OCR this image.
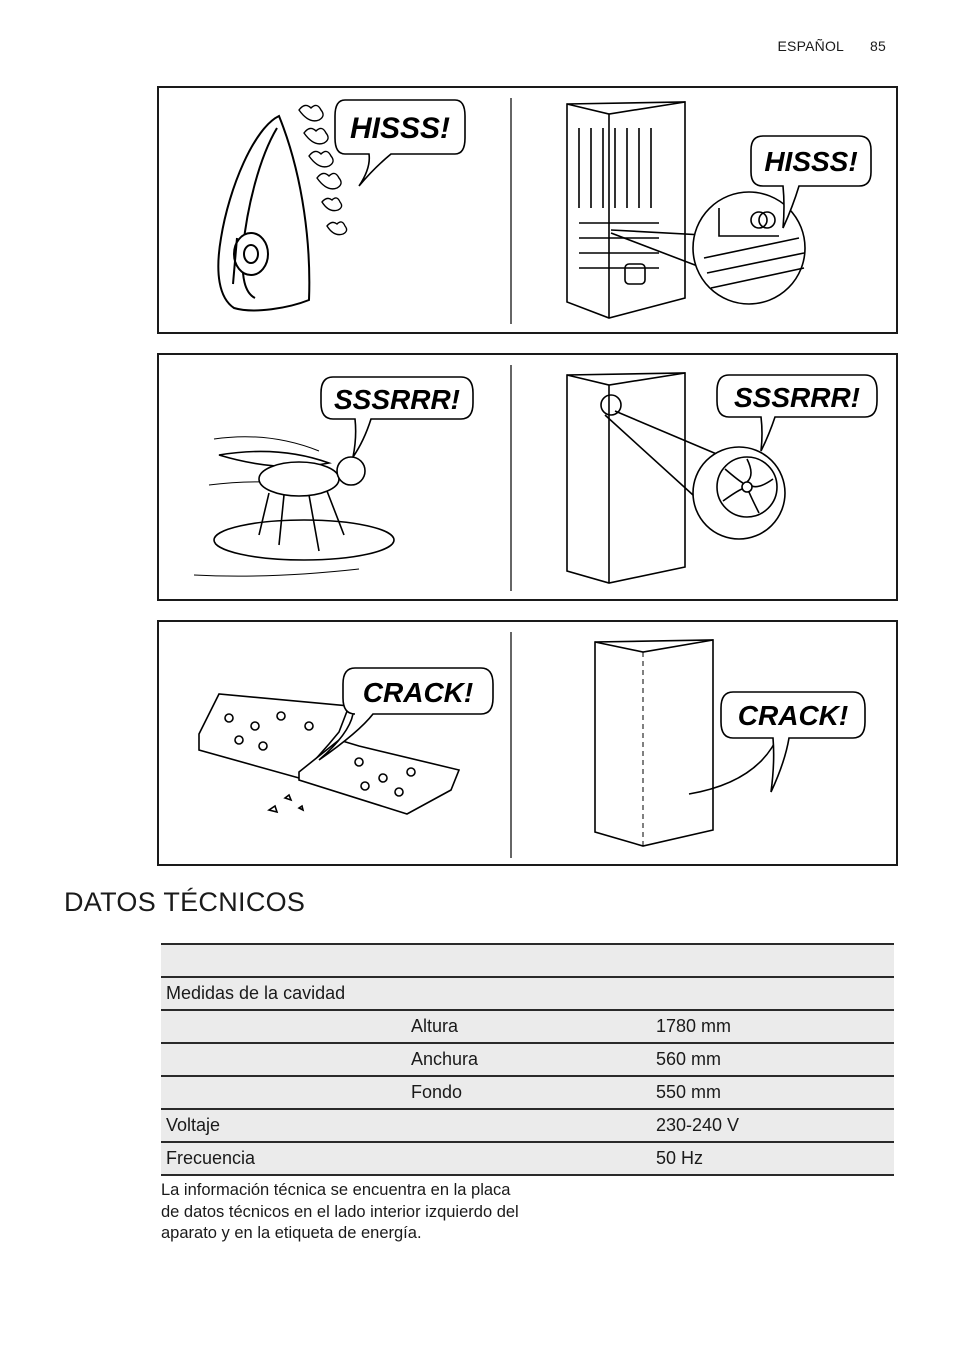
ESPAÑOL 85
HISSS!
HISSS!
SSSRRR!	SSSRRR!
CRACK!
CRACK!
DATOS TÉCNICOS

Medidas de la cavidad		
	Altura	1780 mm
	Anchura	560 mm
	Fondo	550 mm
Voltaje		230-240 V
Frecuencia		50 Hz

La información técnica se encuentra en la placa de datos técnicos en el lado interior izquierdo del aparato y en la etiqueta de energía.
